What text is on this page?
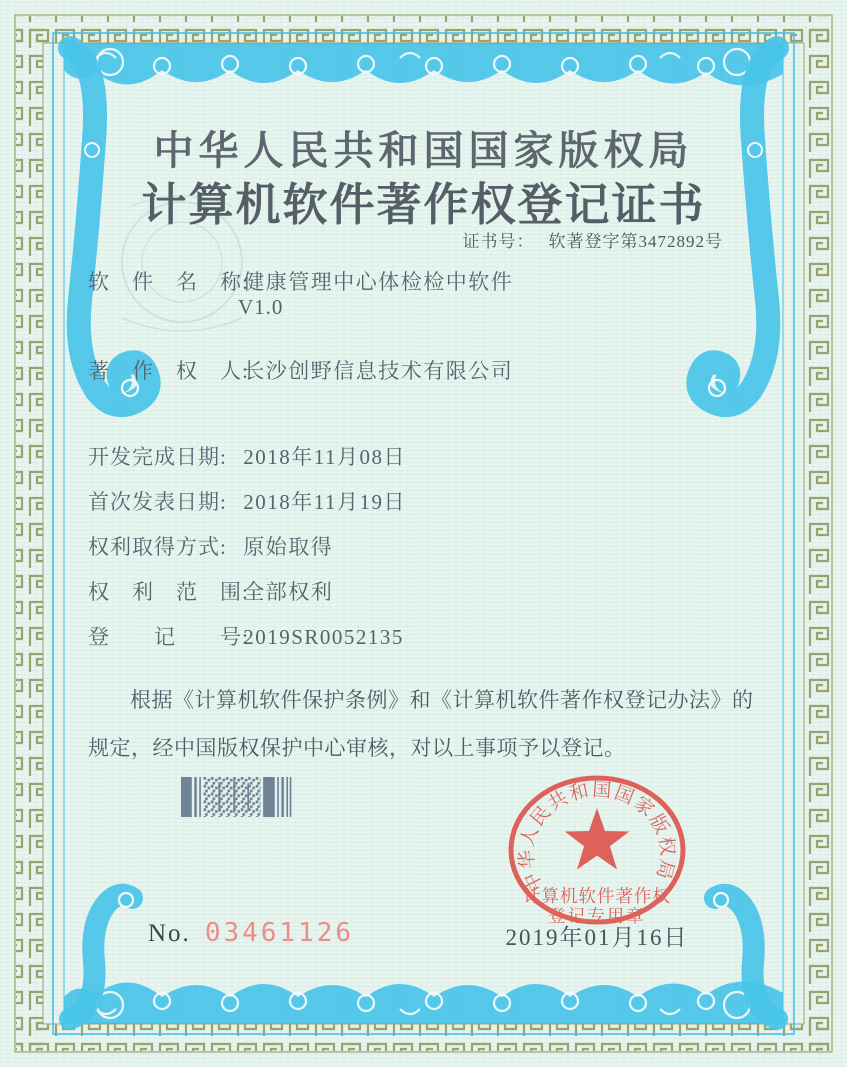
中华人民共和国国家版权局
计算机软件著作权登记证书
证书号： 软著登字第3472892号
软　件　名　称: 健康管理中心体检检中软件
V1.0
著　作　权　人: 长沙创野信息技术有限公司
开发完成日期: 2018年11月08日
首次发表日期: 2018年11月19日
权利取得方式: 原始取得
权　利　范　围: 全部权利
登　　记　　号: 2019SR0052135
根据《计算机软件保护条例》和《计算机软件著作权登记办法》的规定，经中国版权保护中心审核，对以上事项予以登记。
中华人民共和国国家版权局
计算机软件著作权
登记专用章
2019年01月16日
No. 03461126
